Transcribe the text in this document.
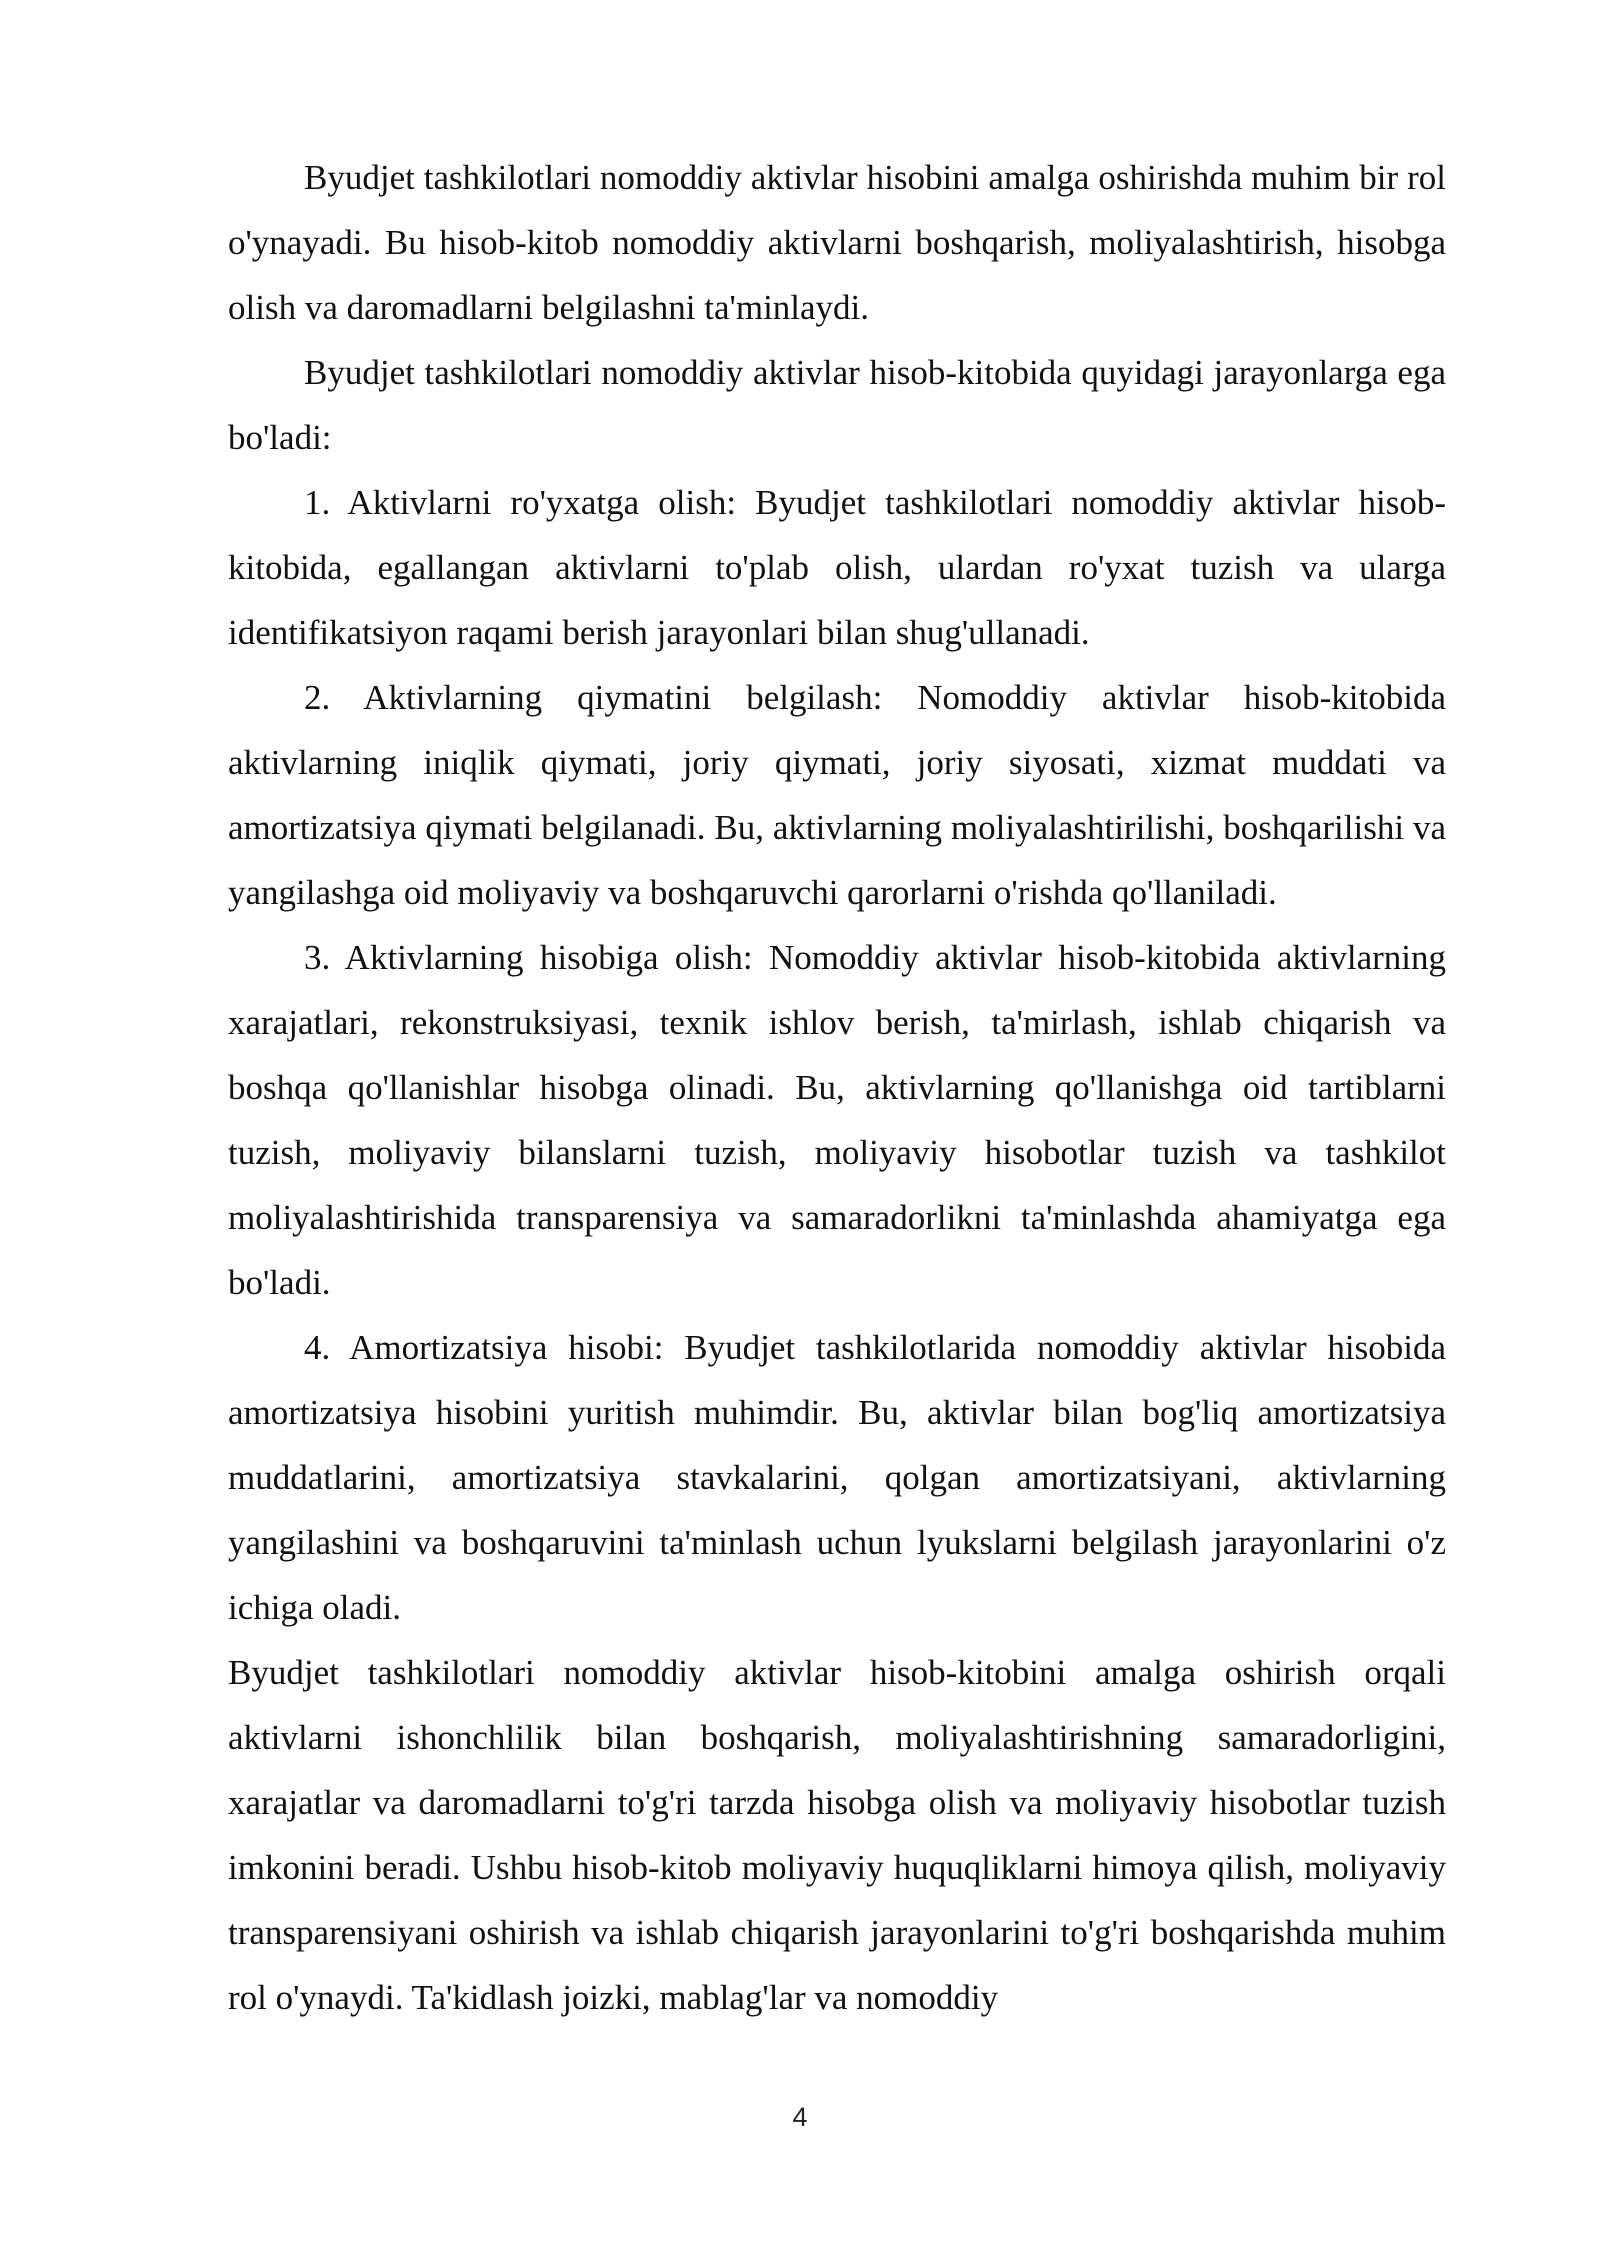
Byudjet tashkilotlari nomoddiy aktivlar hisobini amalga oshirishda muhim bir rol o'ynayadi. Bu hisob-kitob nomoddiy aktivlarni boshqarish, moliyalashtirish, hisobga olish va daromadlarni belgilashni ta'minlaydi.

Byudjet tashkilotlari nomoddiy aktivlar hisob-kitobida quyidagi jarayonlarga ega bo'ladi:

1. Aktivlarni ro'yxatga olish: Byudjet tashkilotlari nomoddiy aktivlar hisob-kitobida, egallangan aktivlarni to'plab olish, ulardan ro'yxat tuzish va ularga identifikatsiyon raqami berish jarayonlari bilan shug'ullanadi.

2. Aktivlarning qiymatini belgilash: Nomoddiy aktivlar hisob-kitobida aktivlarning iniqlik qiymati, joriy qiymati, joriy siyosati, xizmat muddati va amortizatsiya qiymati belgilanadi. Bu, aktivlarning moliyalashtirilishi, boshqarilishi va yangilashga oid moliyaviy va boshqaruvchi qarorlarni o'rishda qo'llaniladi.

3. Aktivlarning hisobiga olish: Nomoddiy aktivlar hisob-kitobida aktivlarning xarajatlari, rekonstruksiyasi, texnik ishlov berish, ta'mirlash, ishlab chiqarish va boshqa qo'llanishlar hisobga olinadi. Bu, aktivlarning qo'llanishga oid tartiblarni tuzish, moliyaviy bilanslarni tuzish, moliyaviy hisobotlar tuzish va tashkilot moliyalashtirishida transparensiya va samaradorlikni ta'minlashda ahamiyatga ega bo'ladi.

4. Amortizatsiya hisobi: Byudjet tashkilotlarida nomoddiy aktivlar hisobida amortizatsiya hisobini yuritish muhimdir. Bu, aktivlar bilan bog'liq amortizatsiya muddatlarini, amortizatsiya stavkalarini, qolgan amortizatsiyani, aktivlarning yangilashini va boshqaruvini ta'minlash uchun lyukslarni belgilash jarayonlarini o'z ichiga oladi.

Byudjet tashkilotlari nomoddiy aktivlar hisob-kitobini amalga oshirish orqali aktivlarni ishonchlilik bilan boshqarish, moliyalashtirishning samaradorligini, xarajatlar va daromadlarni to'g'ri tarzda hisobga olish va moliyaviy hisobotlar tuzish imkonini beradi. Ushbu hisob-kitob moliyaviy huquqliklarni himoya qilish, moliyaviy transparensiyani oshirish va ishlab chiqarish jarayonlarini to'g'ri boshqarishda muhim rol o'ynaydi. Ta'kidlash joizki, mablag'lar va nomoddiy

4
